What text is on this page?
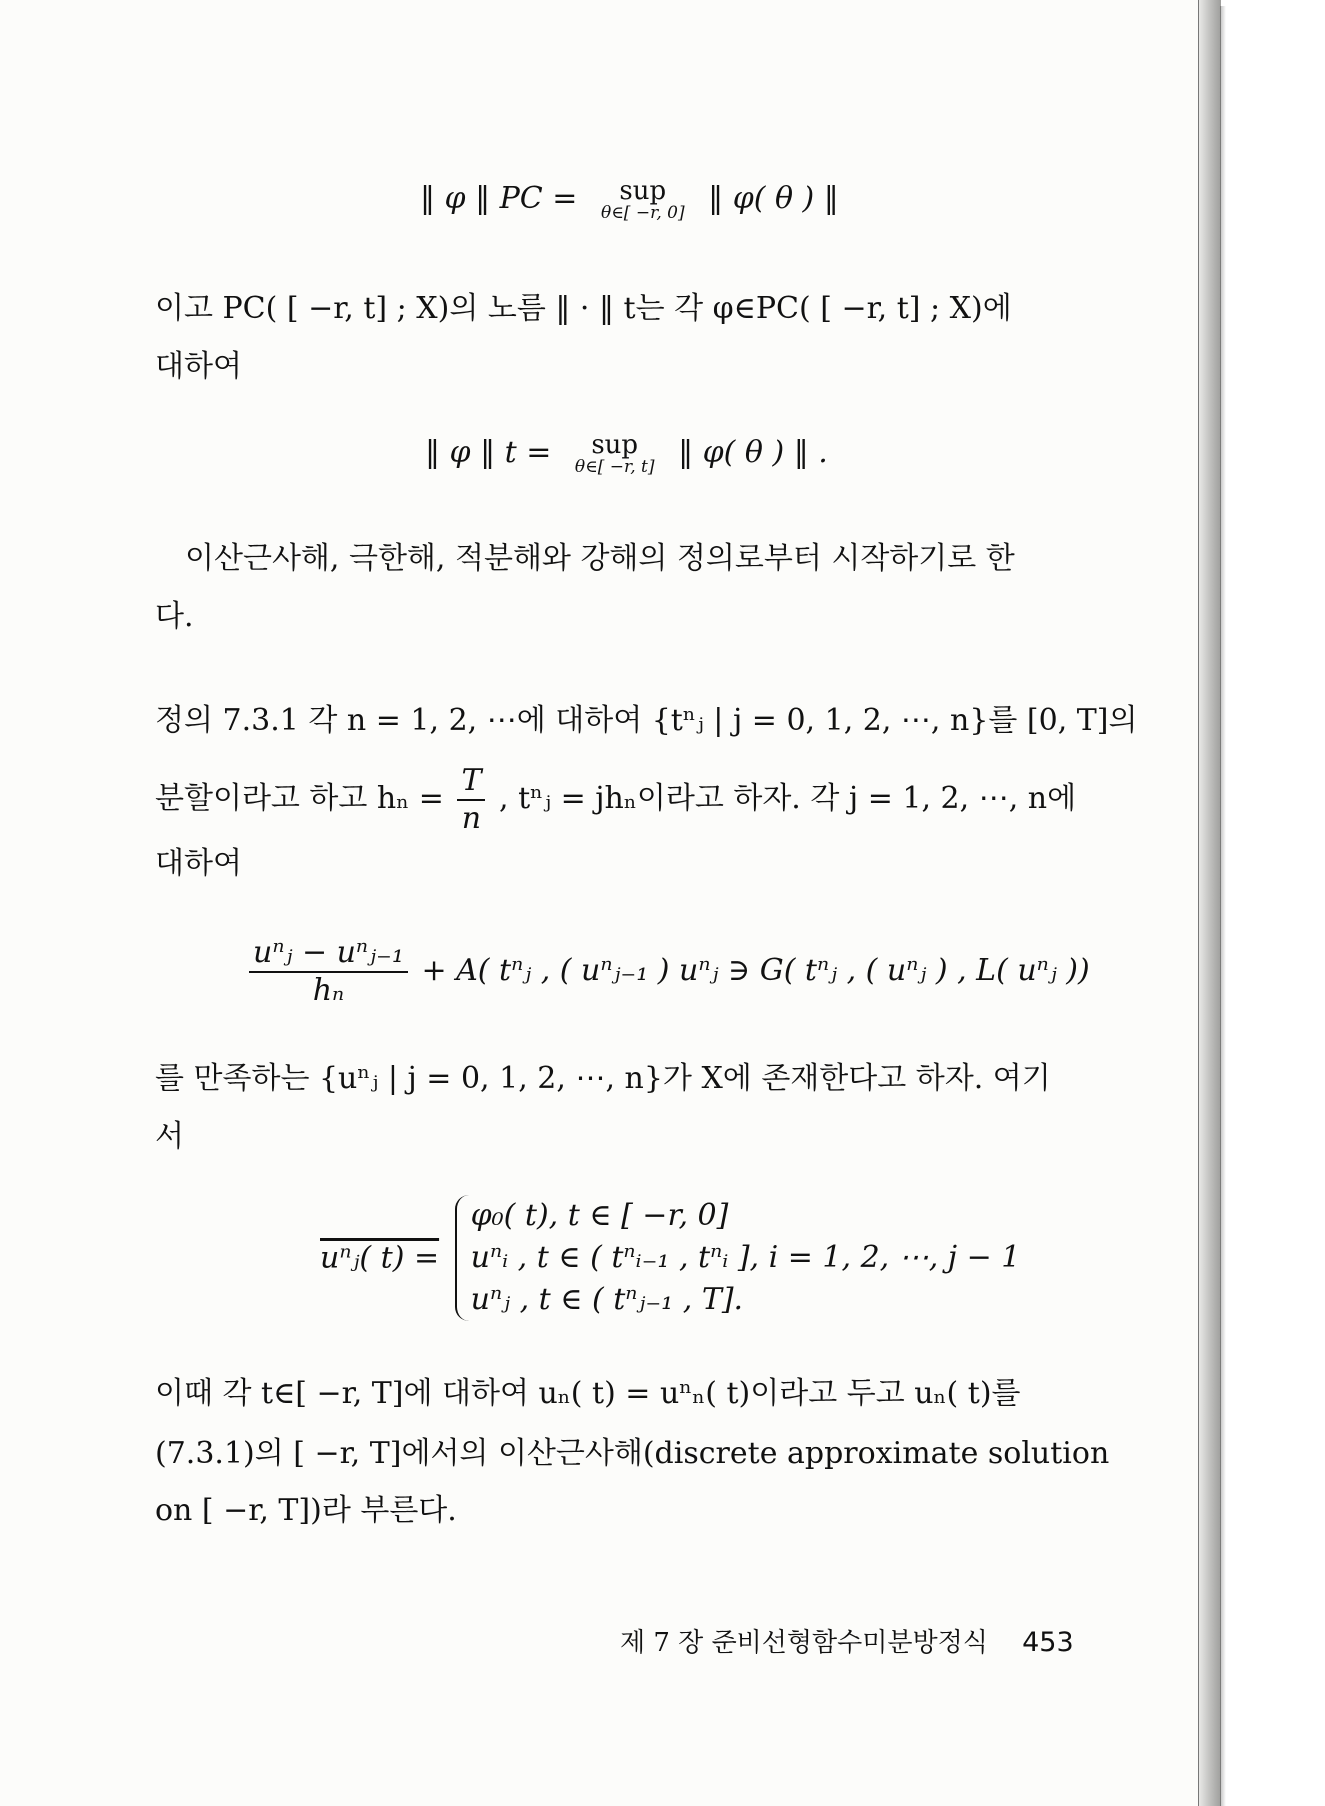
‖ φ ‖ PC =	sup
θ∈[ −r, 0] ‖ φ( θ ) ‖
이고 PC( [ −r, t] ; X)의 노름 ‖ · ‖ t는 각 φ∈PC( [ −r, t] ; X)에
대하여
‖ φ ‖ t =	sup
θ∈[ −r, t] ‖ φ( θ ) ‖ .
이산근사해, 극한해, 적분해와 강해의 정의로부터 시작하기로 한
다.
정의 7.3.1 각 n = 1, 2, ⋯에 대하여 {tⁿⱼ | j = 0, 1, 2, ⋯, n}를 [0, T]의
분할이라고 하고 $h_n = \frac{T}{n}$ , tⁿⱼ = jhₙ이라고 하자. 각 j = 1, 2, ⋯, n에
대하여
$\frac{\text{uⁿⱼ − uⁿⱼ₋₁}}{\text{hₙ}} + A$( tⁿⱼ , ( uⁿⱼ₋₁ ) uⁿⱼ ∋ G( tⁿⱼ , ( uⁿⱼ ) , L( uⁿⱼ ))
를 만족하는 {uⁿⱼ | j = 0, 1, 2, ⋯, n}가 X에 존재한다고 하자. 여기
서
uⁿⱼ( t) =
φ₀( t), t ∈ [ −r, 0]
uⁿᵢ , t ∈ ( tⁿᵢ₋₁ , tⁿᵢ ], i = 1, 2, ⋯, j − 1
uⁿⱼ , t ∈ ( tⁿⱼ₋₁ , T].
이때 각 t∈[ −r, T]에 대하여 uₙ( t) = uⁿₙ( t)이라고 두고 uₙ( t)를
(7.3.1)의 [ −r, T]에서의 이산근사해(discrete approximate solution
on [ −r, T])라 부른다.
제 7 장 준비선형함수미분방정식 453
